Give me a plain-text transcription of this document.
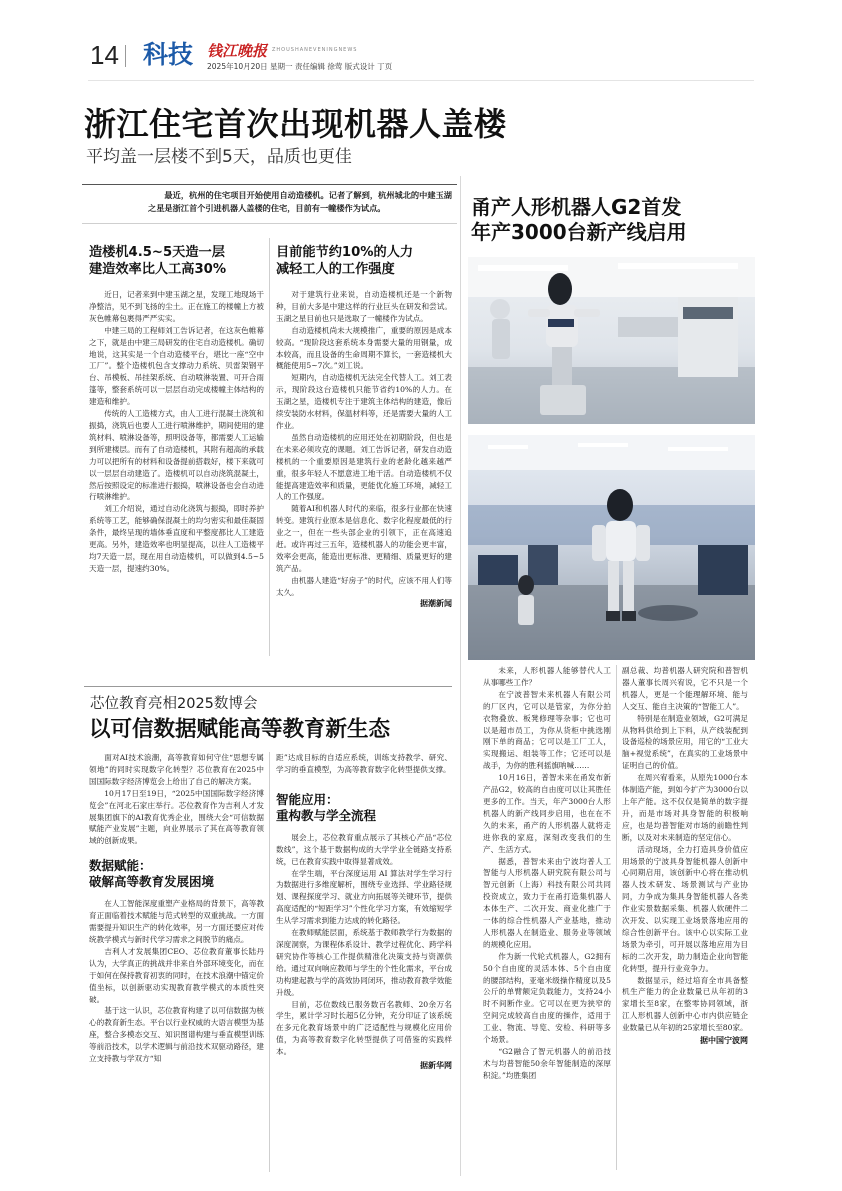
14 科技 钱江晚报 ZHOUSHANEVENINGNEWS
2025年10月20日 星期一 责任编辑 徐莺 版式设计 丁页
浙江住宅首次出现机器人盖楼
平均盖一层楼不到5天，品质也更佳
最近，杭州的住宅项目开始使用自动造楼机。记者了解到，杭州城北的中建玉湖之星是浙江首个引进机器人盖楼的住宅，目前有一幢楼作为试点。
造楼机4.5~5天造一层
建造效率比人工高30%

近日，记者来到中建玉湖之星，发现工地现场干净整洁，见不到飞扬的尘土。正在施工的楼幢上方被灰色帷幕包裹得严严实实。

中建三局的工程师刘工告诉记者，在这灰色帷幕之下，就是由中建三局研发的住宅自动造楼机。确切地说，这其实是一个自动造楼平台，堪比一座“空中工厂”。整个造楼机包含支撑动力系统、贝雷架钢平台、吊模板、吊挂架系统、自动喷淋装置、可开合雨篷等，整套系统可以一层层自动完成楼幢主体结构的建造和维护。

传统的人工造楼方式，由人工进行混凝土浇筑和振捣，浇筑后也要人工进行喷淋维护，期间使用的建筑材料、喷淋设备等，照明设备等，都需要人工运输到所建楼层。而有了自动造楼机，其附有超高的承载力可以把所有的材料和设备提前搭载好，楼下来就可以一层层自动建造了。造楼机可以自动浇筑混凝土，然后按照设定的标准进行振捣，喷淋设备也会自动进行喷淋维护。

刘工介绍说，通过自动化浇筑与振捣，即时养护系统等工艺，能够确保混凝土的均匀密实和最佳凝固条件，最终呈现的墙体垂直度和平整度都比人工建造更高。另外，建造效率也明显提高，以往人工造楼平均7天造一层，现在用自动造楼机，可以做到4.5~5天造一层，提速约30%。

目前能节约10%的人力
减轻工人的工作强度

对于建筑行业来说，自动造楼机还是一个新物种，目前大多是中建这样的行业巨头在研发和尝试。玉湖之星目前也只是选取了一幢楼作为试点。

自动造楼机尚未大规模推广，重要的原因是成本较高。“现阶段这套系统本身需要大量的用钢量，成本较高，而且设备的生命周期不算长，一套造楼机大概能使用5~7次。”刘工说。

短期内，自动造楼机无法完全代替人工。刘工表示，现阶段这台造楼机只能节省约10%的人力。在玉湖之星，造楼机专注于建筑主体结构的建造，像后续安装防水材料，保温材料等，还是需要大量的人工作业。

虽然自动造楼机的应用还处在初期阶段，但也是在未来必须攻克的课题。刘工告诉记者，研发自动造楼机的一个重要原因是建筑行业的老龄化越来越严重，很多年轻人不愿意进工地干活。自动造楼机不仅能提高建造效率和质量，更能优化施工环境，减轻工人的工作强度。

随着AI和机器人时代的来临，很多行业都在快速转变。建筑行业原本是信息化、数字化程度最低的行业之一，但在一些头部企业的引领下，正在高速追赶。或许再过三五年，造楼机器人的功能会更丰富，效率会更高，能造出更标准、更精细、质量更好的建筑产品。

由机器人建造“好房子”的时代，应该不用人们等太久。

据潮新闻
芯位教育亮相2025数博会
以可信数据赋能高等教育新生态

面对AI技术浪潮，高等教育如何守住“思想专属领地”的同时实现数字化转型？芯位教育在2025中国国际数字经济博览会上给出了自己的解决方案。

10月17日至19日，“2025中国国际数字经济博览会”在河北石家庄举行。芯位教育作为吉利人才发展集团旗下的AI教育优秀企业，围绕大会“可信数据赋能产业发展”主题，向业界展示了其在高等教育领域的创新成果。

数据赋能：
破解高等教育发展困境

在人工智能深度重塑产业格局的背景下，高等教育正面临着技术赋能与范式转型的双重挑战。一方面需要提升知识生产的转化效率，另一方面还要应对传统教学模式与新时代学习需求之间脱节的痛点。

吉利人才发展集团CEO、芯位教育董事长陆丹认为，大学真正的挑战并非来自外部环境变化，而在于如何在保持教育初衷的同时，在技术浪潮中锚定价值坐标，以创新驱动实现教育教学模式的本质性突破。

基于这一认识，芯位教育构建了以可信数据为核心的教育新生态。平台以行业权威的大语言模型为基座，整合多模态交互、知识图谱构建与垂直模型训练等前沿技术，以学术逻辑与前沿技术双驱动路径，建立支持教与学双方“知

距”达成目标的自适应系统，训练支持教学、研究、学习的垂直模型，为高等教育数字化转型提供支撑。

智能应用：
重构教与学全流程

展会上，芯位教育重点展示了其核心产品“芯位数线”，这个基于数据构成的大学学业全链路支持系统，已在教育实践中取得显著成效。

在学生端，平台深度运用 AI 算法对学生学习行为数据进行多维度解析，围绕专业选择、学业路径规划、课程探度学习、就业方向拓展等关键环节，提供高度适配的“短距学习”个性化学习方案，有效缩短学生从学习需求到能力达成的转化路径。

在教师赋能层面，系统基于教师教学行为数据的深度洞察，为课程体系设计、教学过程优化、跨学科研究协作等核心工作提供精准化决策支持与资源供给。通过双向响应教师与学生的个性化需求，平台成功构建起教与学的高效协同闭环，推动教育教学效能升级。

目前，芯位数线已服务数百名教师、20余万名学生，累计学习时长超5亿分钟，充分印证了该系统在多元化教育场景中的广泛适配性与规模化应用价值，为高等教育数字化转型提供了可借鉴的实践样本。

据新华网
甬产人形机器人G2首发
年产3000台新产线启用

未来，人形机器人能够替代人工从事哪些工作？

在宁波普智未来机器人有限公司的厂区内，它可以是管家，为你分拍衣物叠放、板凳修理等杂事；它也可以是超市员工，为你从货柜中挑选刚刚下单的商品；它可以是工厂工人，实现搬运、组装等工作；它还可以是战手，为你的胜利摇旗呐喊……

10月16日，普智未来在甬发布新产品G2，较高的自由度可以让其胜任更多的工作。当天，年产3000台人形机器人的新产线同步启用，也在在不久的未来，甬产的人形机器人就将走进你我的家庭，深刻改变我们的生产、生活方式。

据悉，普智未来由宁波均普人工智能与人形机器人研究院有限公司与智元创新（上海）科技有限公司共同投资成立，致力于在甬打造集机器人本体生产、二次开发、商业化推广于一体的综合性机器人产业基地，推动人形机器人在制造业、服务业等领域的规模化应用。

作为新一代轮式机器人，G2拥有50个自由度的灵活本体、5个自由度的腰部结构，亚毫米级操作精度以及5公斤的单臂额定负载能力，支持24小时不间断作业。它可以在更为狭窄的空间完成较高自由度的操作，适用于工业、物流、导览、安检、科研等多个场景。

“G2融合了智元机器人的前沿技术与均普智能50余年智能制造的深厚积淀。”均胜集团

副总裁、均普机器人研究院和普智机器人董事长周兴宥说，它不只是一个机器人，更是一个能理解环境、能与人交互、能自主决策的“智能工人”。

特别是在制造业领域，G2可满足从物料供给到上下料，从产线装配到设备巡检的场景应用，用它的“工业大脑+视觉系统”，在真实的工业场景中证明自己的价值。

在周兴宥看来，从原先1000台本体制造产能，到如今扩产为3000台以上年产能。这不仅仅是简单的数字提升，而是市场对具身智能的积极响应，也是均普智能对市场的前瞻性判断，以及对未来制造的坚定信心。

活动现场，全力打造具身价值应用场景的宁波具身智能机器人创新中心同期启用，该创新中心将在推动机器人技术研发、场景测试与产业协同，力争成为集具身智能机器人各类作业实景数据采集、机器人软硬件二次开发、以实现工业场景落地应用的综合性创新平台。该中心以实际工业场景为牵引，可开展以落地应用为目标的二次开发，助力制造企业向智能化转型，提升行业竞争力。

数据显示，经过培育全市具备整机生产能力的企业数量已从年初的3家增长至8家，在整零协同领域，浙江人形机器人创新中心市内供应链企业数量已从年初的25家增长至80家。

据中国宁波网
